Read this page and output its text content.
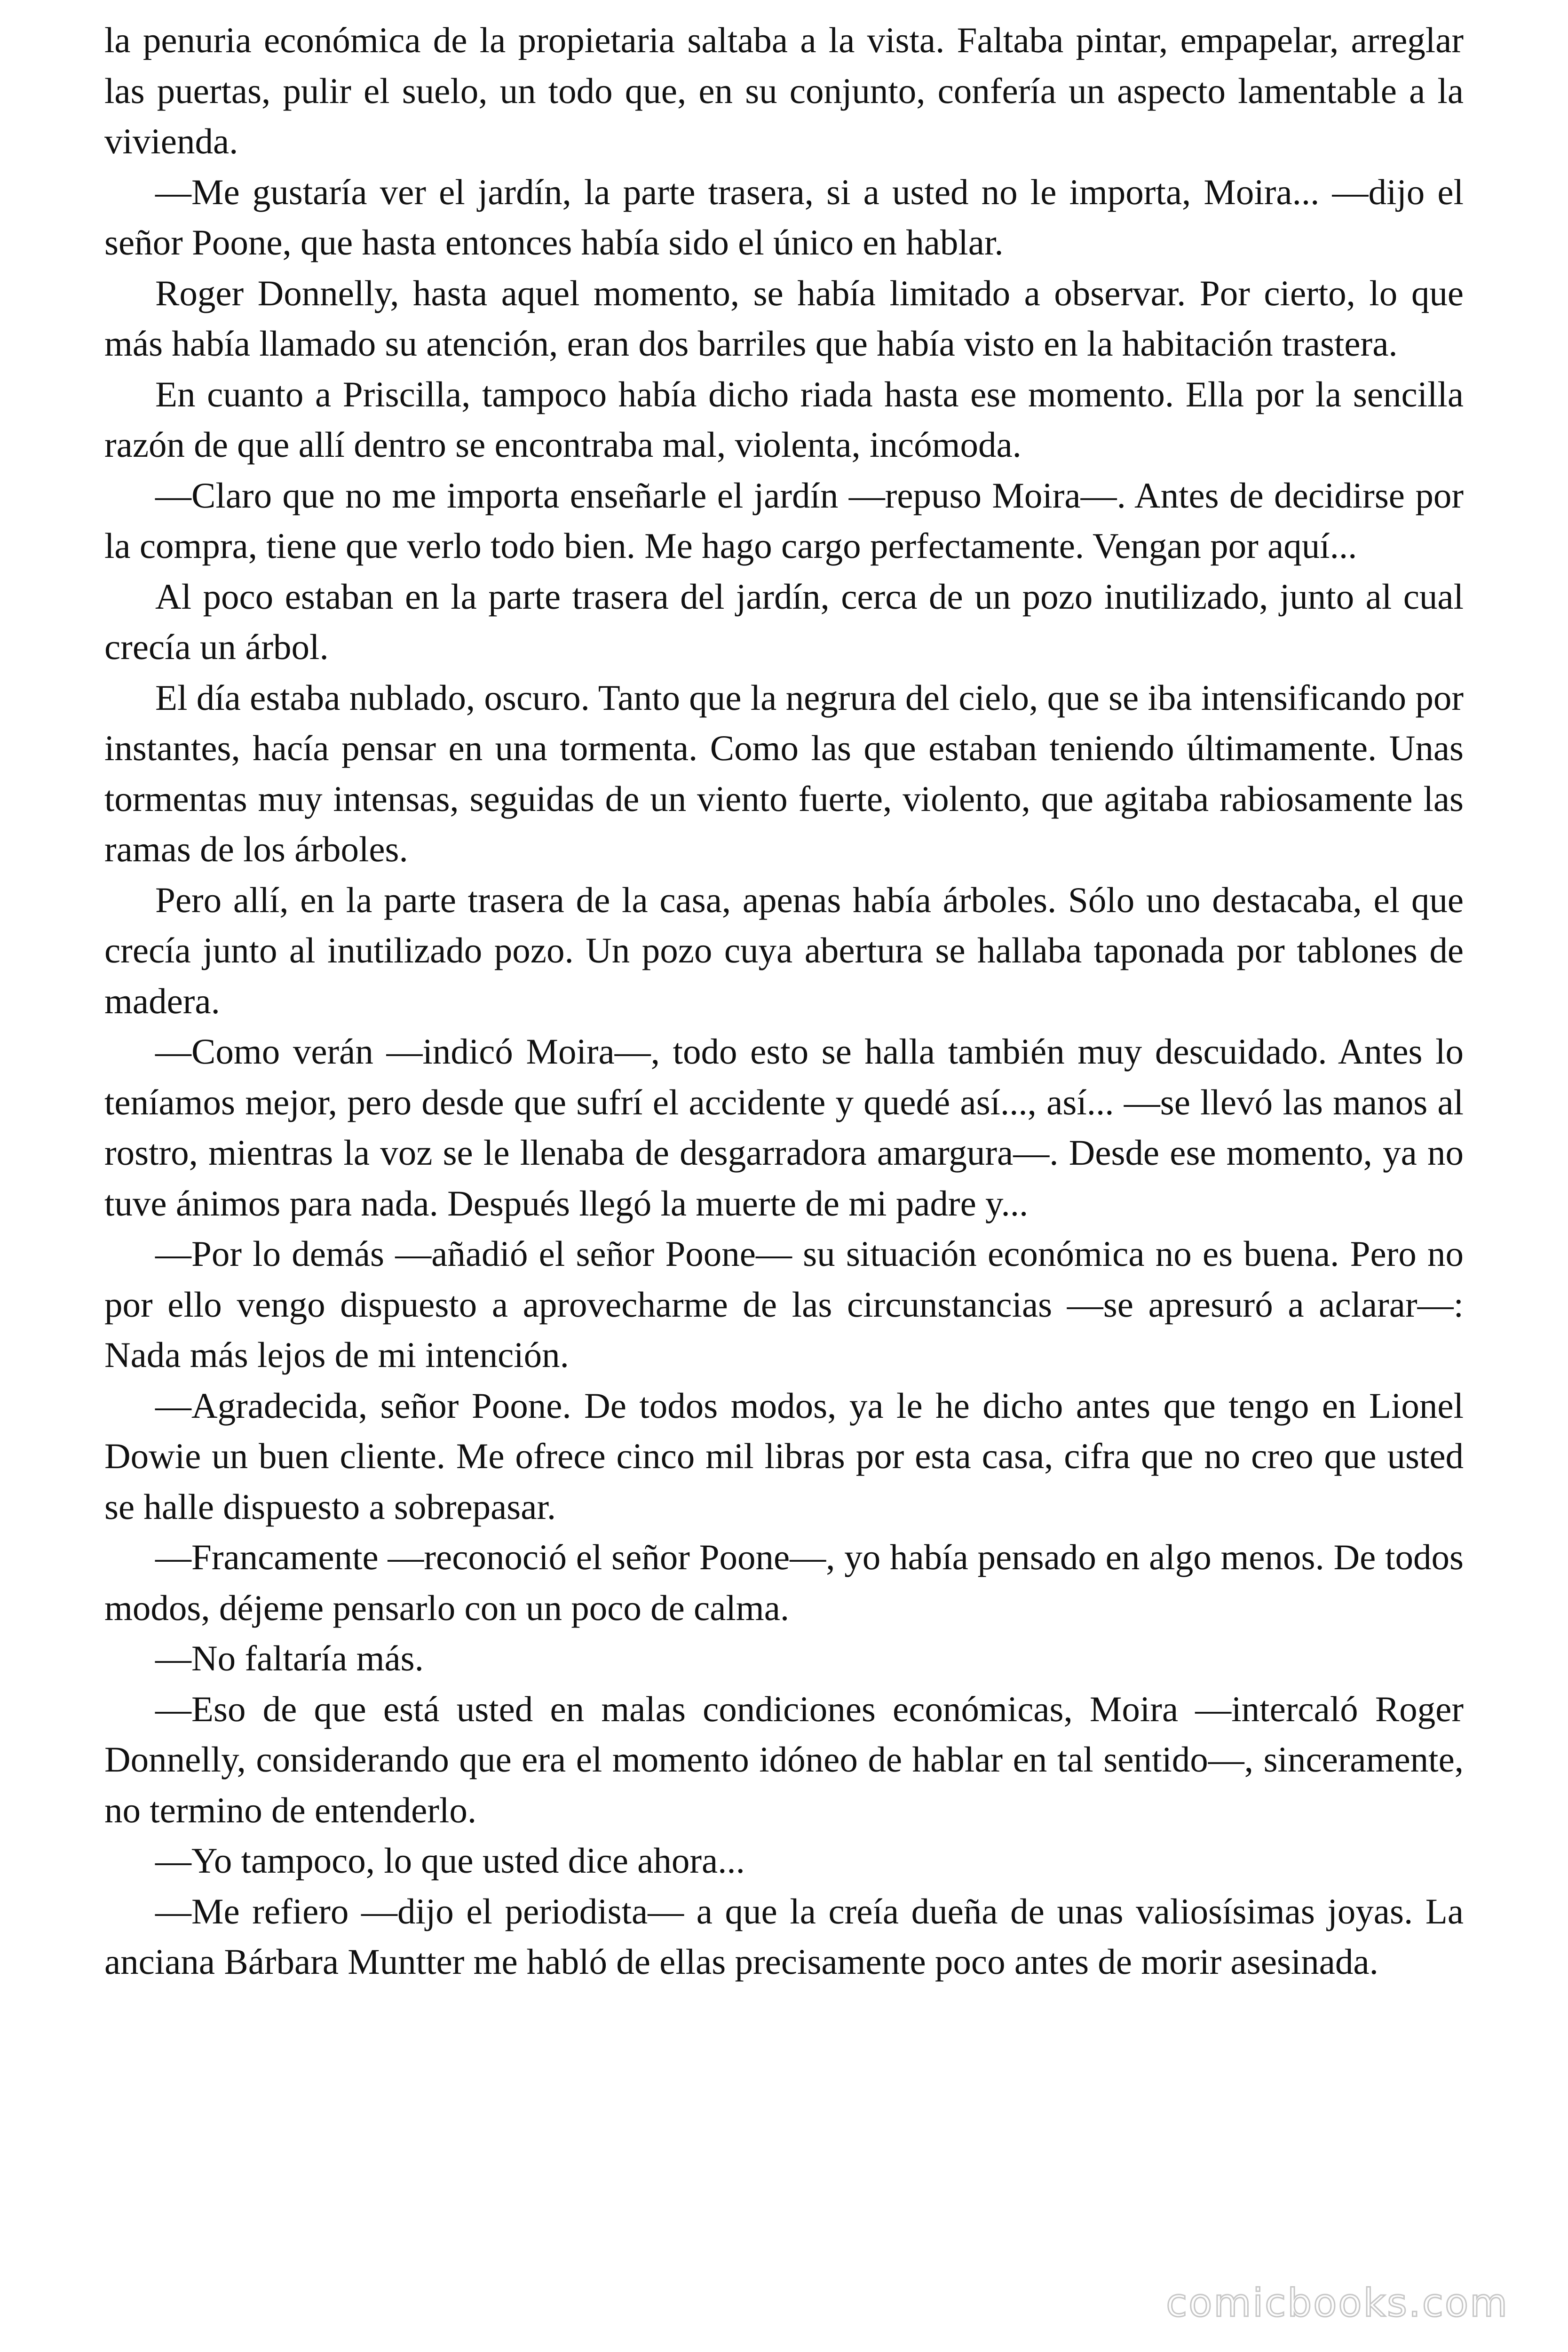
la penuria económica de la propietaria saltaba a la vista. Faltaba pintar, empapelar, arreglar las puertas, pulir el suelo, un todo que, en su conjunto, confería un aspecto lamentable a la vivienda.

—Me gustaría ver el jardín, la parte trasera, si a usted no le importa, Moira... —dijo el señor Poone, que hasta entonces había sido el único en hablar.

Roger Donnelly, hasta aquel momento, se había limitado a observar. Por cierto, lo que más había llamado su atención, eran dos barriles que había visto en la habitación trastera.

En cuanto a Priscilla, tampoco había dicho riada hasta ese momento. Ella por la sencilla razón de que allí dentro se encontraba mal, violenta, incómoda.

—Claro que no me importa enseñarle el jardín —repuso Moira—. Antes de decidirse por la compra, tiene que verlo todo bien. Me hago cargo perfectamente. Vengan por aquí...

Al poco estaban en la parte trasera del jardín, cerca de un pozo inutilizado, junto al cual crecía un árbol.

El día estaba nublado, oscuro. Tanto que la negrura del cielo, que se iba intensificando por instantes, hacía pensar en una tormenta. Como las que estaban teniendo últimamente. Unas tormentas muy intensas, seguidas de un viento fuerte, violento, que agitaba rabiosamente las ramas de los árboles.

Pero allí, en la parte trasera de la casa, apenas había árboles. Sólo uno destacaba, el que crecía junto al inutilizado pozo. Un pozo cuya abertura se hallaba taponada por tablones de madera.

—Como verán —indicó Moira—, todo esto se halla también muy descuidado. Antes lo teníamos mejor, pero desde que sufrí el accidente y quedé así..., así... —se llevó las manos al rostro, mientras la voz se le llenaba de desgarradora amargura—. Desde ese momento, ya no tuve ánimos para nada. Después llegó la muerte de mi padre y...

—Por lo demás —añadió el señor Poone— su situación económica no es buena. Pero no por ello vengo dispuesto a aprovecharme de las circunstancias —se apresuró a aclarar—: Nada más lejos de mi intención.

—Agradecida, señor Poone. De todos modos, ya le he dicho antes que tengo en Lionel Dowie un buen cliente. Me ofrece cinco mil libras por esta casa, cifra que no creo que usted se halle dispuesto a sobrepasar.

—Francamente —reconoció el señor Poone—, yo había pensado en algo menos. De todos modos, déjeme pensarlo con un poco de calma.

—No faltaría más.

—Eso de que está usted en malas condiciones económicas, Moira —intercaló Roger Donnelly, considerando que era el momento idóneo de hablar en tal sentido—, sinceramente, no termino de entenderlo.

—Yo tampoco, lo que usted dice ahora...

—Me refiero —dijo el periodista— a que la creía dueña de unas valiosísimas joyas. La anciana Bárbara Muntter me habló de ellas precisamente poco antes de morir asesinada.

comicbooks.com
